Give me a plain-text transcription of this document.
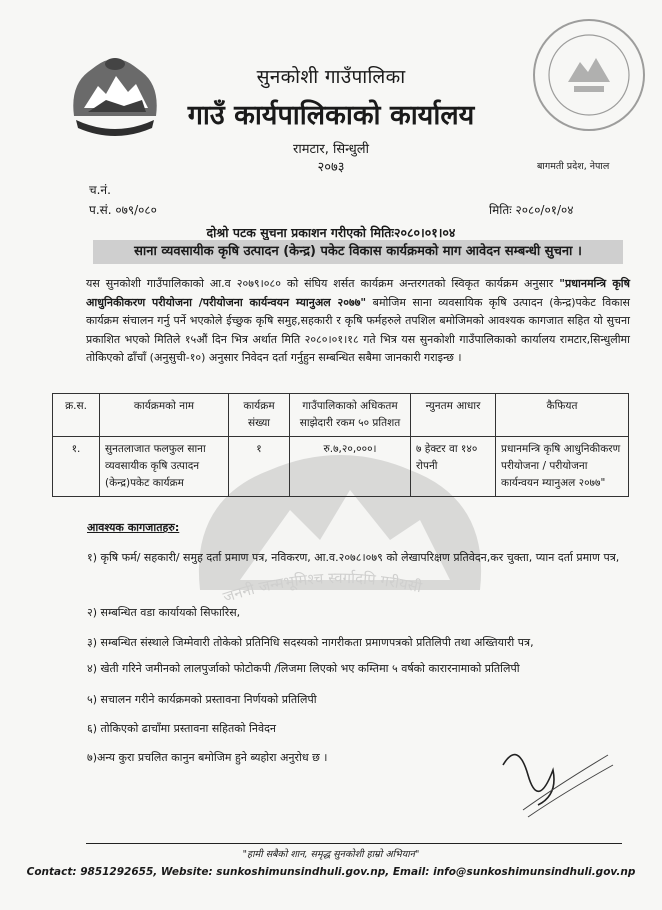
सुनकोशी गाउँपालिका
गाउँ कार्यपालिकाको कार्यालय
रामटार, सिन्धुली
२०७३	बागमती प्रदेश, नेपाल
च.नं.
प.सं. ०७९/०८०	मितिः २०८०/०१/०४
दोश्रो पटक सुचना प्रकाशन गरीएको मितिः२०८०।०१।०४
साना व्यवसायीक कृषि उत्पादन (केन्द्र) पकेट विकास कार्यक्रमको माग आवेदन सम्बन्धी सुचना ।
जननी जन्मभूमिश्च स्वर्गादपि गरीयसी
यस सुनकोशी गाउँपालिकाको आ.व २०७९।०८० को संघिय शर्सत कार्यक्रम अन्तरगतको स्विकृत कार्यक्रम अनुसार "प्रधानमन्त्रि कृषि आधुनिकीकरण परीयोजना /परीयोजना कार्यन्वयन म्यानुअल २०७७" बमोजिम साना व्यवसायिक कृषि उत्पादन (केन्द्र)पकेट विकास कार्यक्रम संचालन गर्नु पर्ने भएकोले ईच्छुक कृषि समुह,सहकारी र कृषि फर्महरुले तपशिल बमोजिमको आवश्यक कागजात सहित यो सुचना प्रकाशित भएको मितिले १५औं दिन भित्र अर्थात मिति २०८०।०१।१८ गते भित्र यस सुनकोशी गाउँपालिकाको कार्यालय रामटार,सिन्धुलीमा तोकिएको ढाँचाँ (अनुसुची-१०) अनुसार निवेदन दर्ता गर्नुहुन सम्बन्धित सबैमा जानकारी गराइन्छ ।
क्र.स.	कार्यक्रमको नाम	कार्यक्रम संख्या	गाउँपालिकाको अधिकतम साझेदारी रकम ५० प्रतिशत	न्युनतम आधार	कैफियत
१.	सुनतलाजात फलफुल साना व्यवसायीक कृषि उत्पादन (केन्द्र)पकेट कार्यक्रम	१	रु.७,२०,०००।	७ हेक्टर वा १४० रोपनी	प्रधानमन्त्रि कृषि आधुनिकीकरण परीयोजना / परीयोजना कार्यन्वयन म्यानुअल २०७७"
आवश्यक कागजातहरु:
१) कृषि फर्म/ सहकारी/ समुह दर्ता प्रमाण पत्र, नविकरण, आ.व.२०७८।०७९ को लेखापरिक्षण प्रतिवेदन,कर चुक्ता, प्यान दर्ता प्रमाण पत्र,
२) सम्बन्धित वडा कार्यायको सिफारिस,
३) सम्बन्धित संस्थाले जिम्मेवारी तोकेको प्रतिनिधि सदस्यको नागरीकता प्रमाणपत्रको प्रतिलिपी तथा अख्तियारी पत्र,
४) खेती गरिने जमीनको लालपुर्जाको फोटोकपी /लिजमा लिएको भए कम्तिमा ५ वर्षको कारारनामाको प्रतिलिपी
५) सचालन गरीने कार्यक्रमको प्रस्तावना निर्णयको प्रतिलिपी
६) तोकिएको ढाचाँमा प्रस्तावना सहितको निवेदन
७)अन्य कुरा प्रचलित कानुन बमोजिम हुने ब्यहोरा अनुरोध छ ।
"हामी सबैको शान, समृद्ध सुनकोशी हाम्रो अभियान"
Contact: 9851292655, Website: sunkoshimunsindhuli.gov.np, Email: info@sunkoshimunsindhuli.gov.np
